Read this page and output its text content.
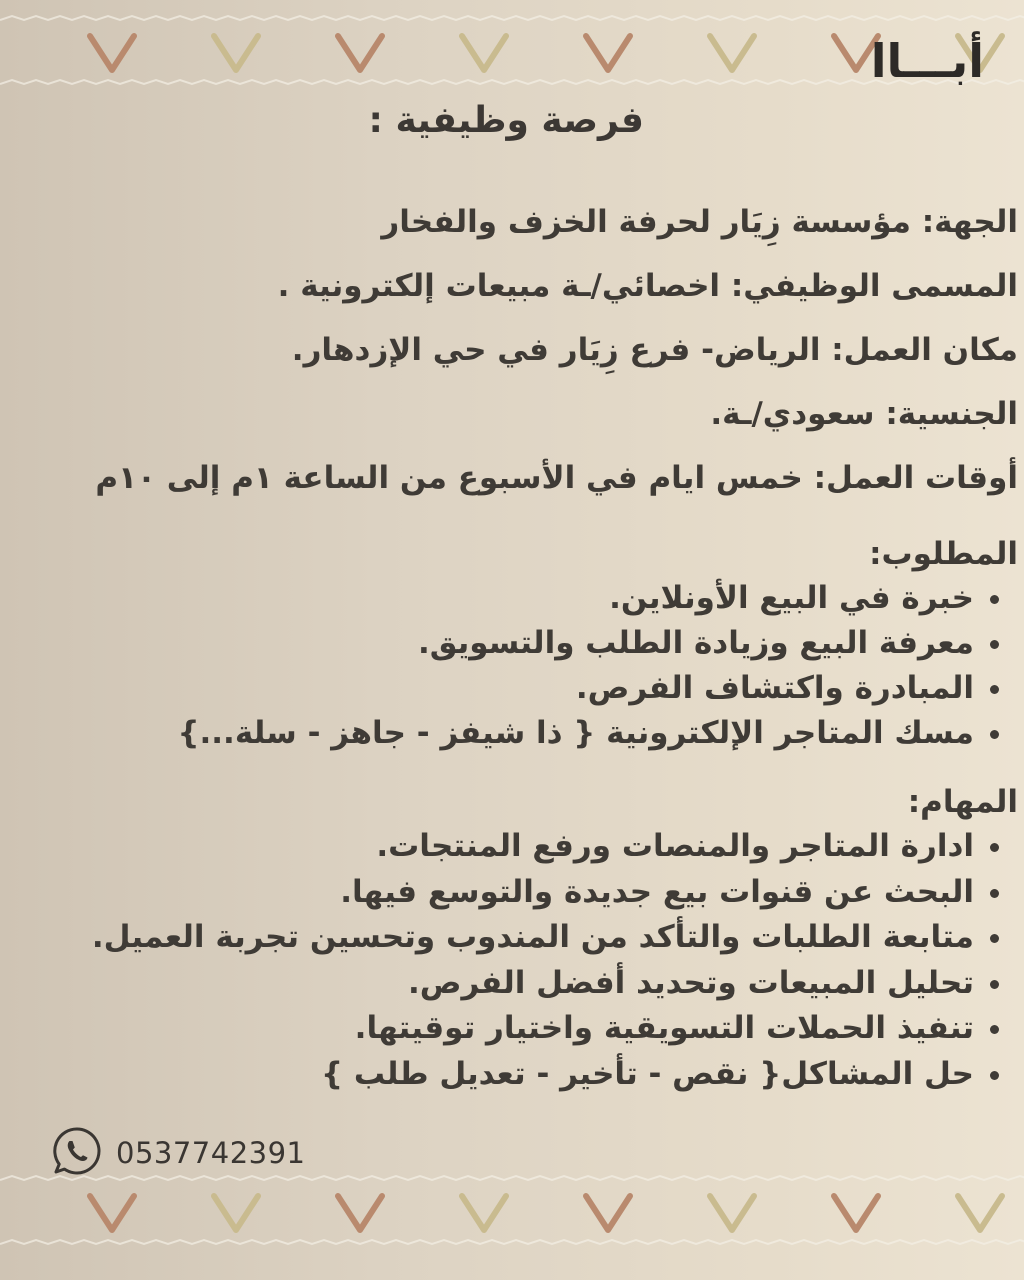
أبـــاا
فرصة وظيفية :
الجهة: مؤسسة زِيَار لحرفة الخزف والفخار
المسمى الوظيفي: اخصائي/ـة مبيعات إلكترونية .
مكان العمل: الرياض- فرع زِيَار في حي الإزدهار.
الجنسية: سعودي/ـة.
أوقات العمل: خمس ايام في الأسبوع من الساعة ١م إلى ١٠م
المطلوب:
• خبرة في البيع الأونلاين.
• معرفة البيع وزيادة الطلب والتسويق.
• المبادرة واكتشاف الفرص.
• مسك المتاجر الإلكترونية { ذا شيفز - جاهز - سلة...}
المهام:
• ادارة المتاجر والمنصات ورفع المنتجات.
• البحث عن قنوات بيع جديدة والتوسع فيها.
• متابعة الطلبات والتأكد من المندوب وتحسين تجربة العميل.
• تحليل المبيعات وتحديد أفضل الفرص.
• تنفيذ الحملات التسويقية واختيار توقيتها.
• حل المشاكل{ نقص - تأخير - تعديل طلب }
0537742391
